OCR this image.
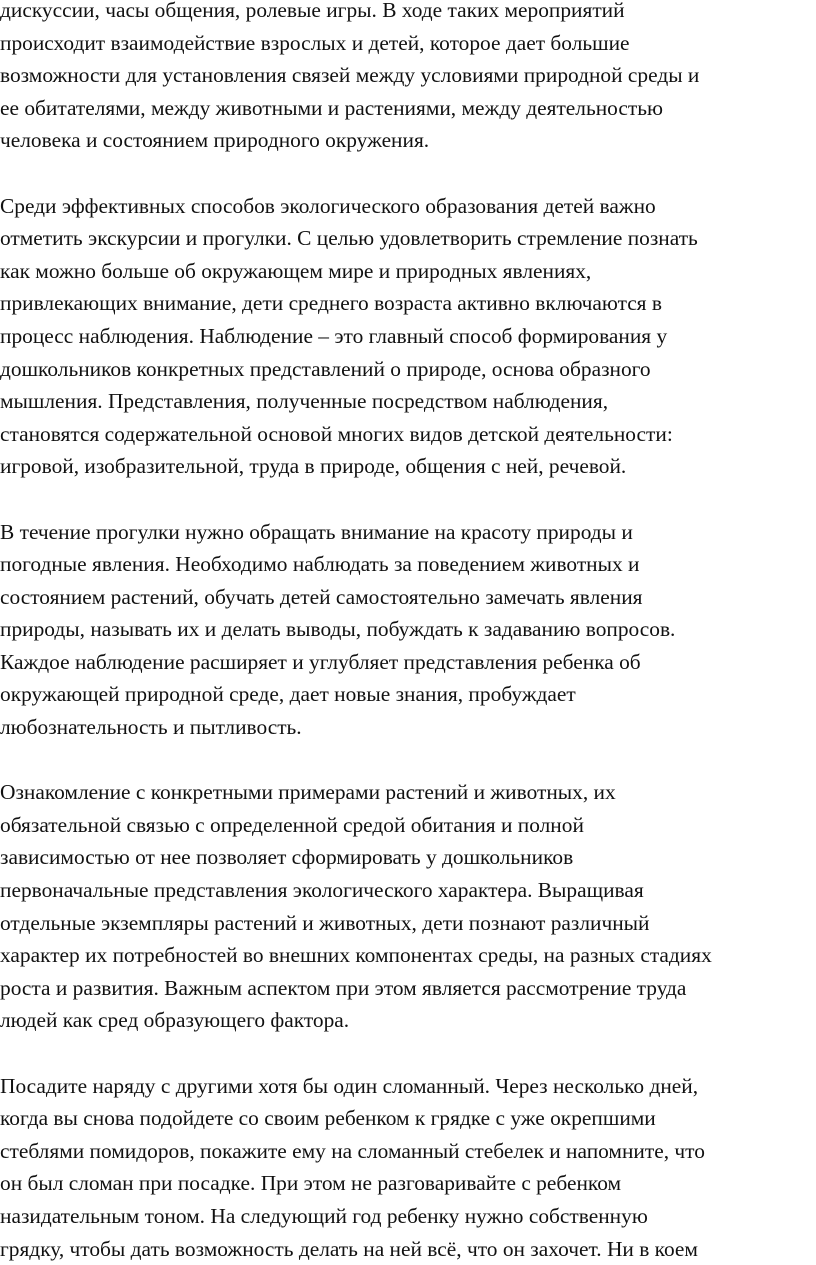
дискуссии, часы общения, ролевые игры. В ходе таких мероприятий
происходит взаимодействие взрослых и детей, которое дает большие
возможности для установления связей между условиями природной среды и
ее обитателями, между животными и растениями, между деятельностью
человека и состоянием природного окружения.
Среди эффективных способов экологического образования детей важно
отметить экскурсии и прогулки. С целью удовлетворить стремление познать
как можно больше об окружающем мире и природных явлениях,
привлекающих внимание, дети среднего возраста активно включаются в
процесс наблюдения. Наблюдение – это главный способ формирования у
дошкольников конкретных представлений о природе, основа образного
мышления. Представления, полученные посредством наблюдения,
становятся содержательной основой многих видов детской деятельности:
игровой, изобразительной, труда в природе, общения с ней, речевой.
В течение прогулки нужно обращать внимание на красоту природы и
погодные явления. Необходимо наблюдать за поведением животных и
состоянием растений, обучать детей самостоятельно замечать явления
природы, называть их и делать выводы, побуждать к задаванию вопросов.
Каждое наблюдение расширяет и углубляет представления ребенка об
окружающей природной среде, дает новые знания, пробуждает
любознательность и пытливость.
Ознакомление с конкретными примерами растений и животных, их
обязательной связью с определенной средой обитания и полной
зависимостью от нее позволяет сформировать у дошкольников
первоначальные представления экологического характера. Выращивая
отдельные экземпляры растений и животных, дети познают различный
характер их потребностей во внешних компонентах среды, на разных стадиях
роста и развития. Важным аспектом при этом является рассмотрение труда
людей как сред образующего фактора.
Посадите наряду с другими хотя бы один сломанный. Через несколько дней,
когда вы снова подойдете со своим ребенком к грядке с уже окрепшими
стеблями помидоров, покажите ему на сломанный стебелек и напомните, что
он был сломан при посадке. При этом не разговаривайте с ребенком
назидательным тоном. На следующий год ребенку нужно собственную
грядку, чтобы дать возможность делать на ней всё, что он захочет. Ни в коем
